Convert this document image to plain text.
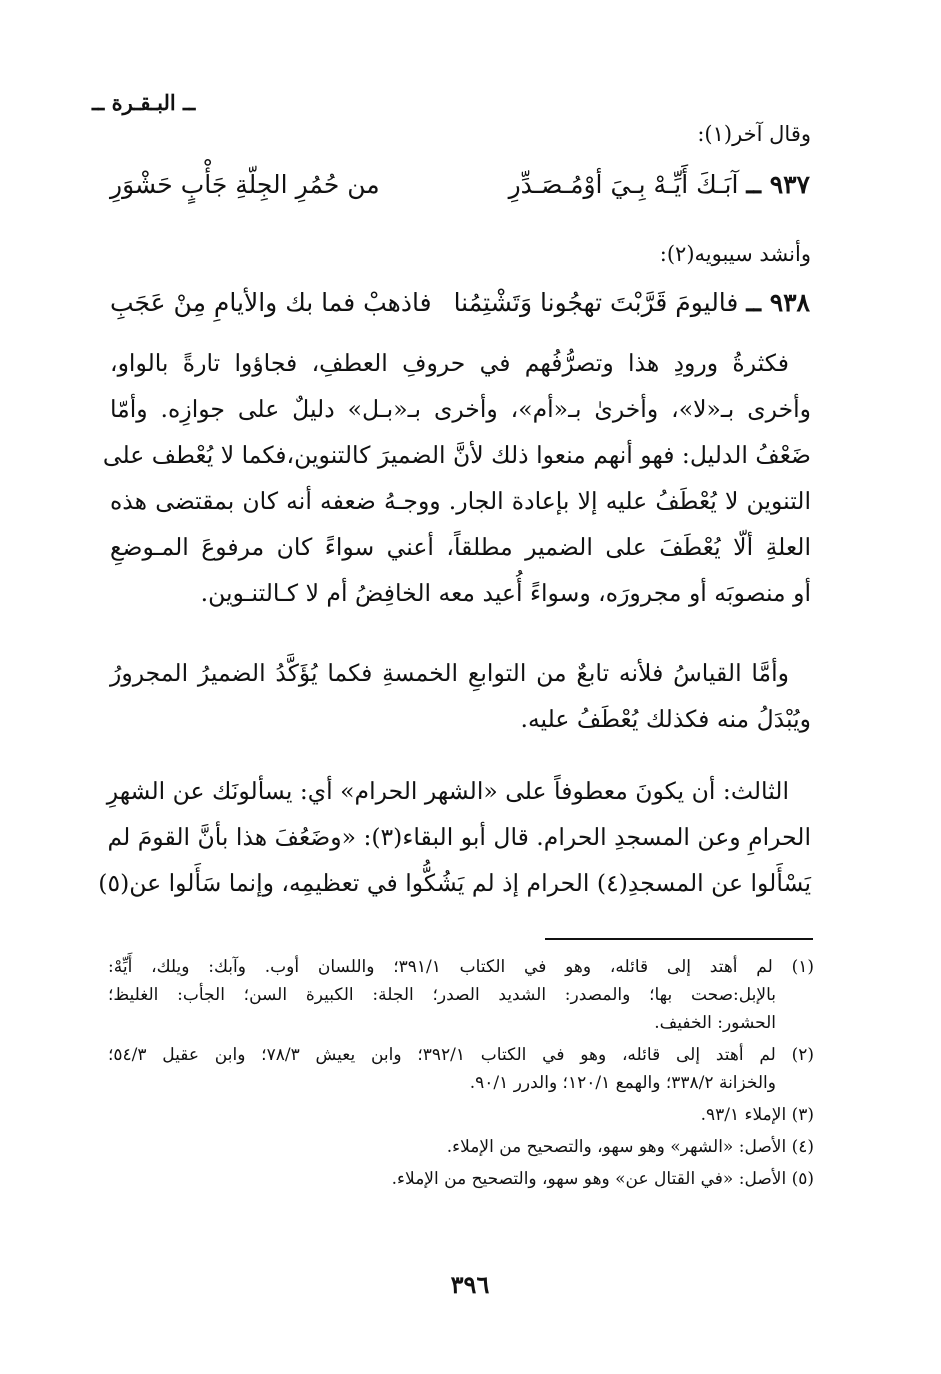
ــ البـقـرة ــ
وقال آخر(١):
٩٣٧ ــ آبَـكَ أَيِّـهْ بِـيَ أوْمُـصَـدِّرِ
من حُمُرِ الجِلّةِ جَأْبٍ حَشْوَرِ
وأنشد سيبويه(٢):
٩٣٨ ــ فاليومَ قَرَّبْتَ تهجُونا وَتَشْتِمُنا
فاذهبْ فما بك والأيامِ مِنْ عَجَبِ
فكثرةُ ورودِ هذا وتصرُّفُهم في حروفِ العطفِ، فجاؤوا تارةً بالواو،
وأخرى بـ«لا»، وأخرىٰ بـ«أم»، وأخرى بـ«بـل» دليلٌ على جوازِه. وأمّا
ضَعْفُ الدليل: فهو أنهم منعوا ذلك لأنَّ الضميرَ كالتنوين،فكما لا يُعْطف على
التنوين لا يُعْطَفُ عليه إلا بإعادة الجار. ووجـهُ ضعفه أنه كان بمقتضى هذه
العلةِ ألّا يُعْطَفَ على الضمير مطلقاً، أعني سواءً كان مرفوعَ المـوضعِ
أو منصوبَه أو مجرورَه، وسواءً أُعيد معه الخافِضُ أم لا كـالتنـوين.
وأمَّا القياسُ فلأنه تابعٌ من التوابعِ الخمسةِ فكما يُؤَكَّدُ الضميرُ المجرورُ
ويُبْدَلُ منه فكذلك يُعْطَفُ عليه.
الثالث: أن يكونَ معطوفاً على «الشهر الحرام» أي: يسألونَك عن الشهرِ
الحرامِ وعن المسجدِ الحرام. قال أبو البقاء(٣): «وضَعُفَ هذا بأنَّ القومَ لم
يَسْأَلوا عن المسجدِ(٤) الحرام إذ لم يَشُكُّوا في تعظيمِه، وإنما سَأَلوا عن(٥)
(١) لم أهتد إلى قائله، وهو في الكتاب ٣٩١/١؛ واللسان أوب. وآبك: ويلك، أَيِّهْ:
بالإبل:صحت بها؛ والمصدر: الشديد الصدر؛ الجلة: الكبيرة السن؛ الجأب: الغليظ؛
الحشور: الخفيف.
(٢) لم أهتد إلى قائله، وهو في الكتاب ٣٩٢/١؛ وابن يعيش ٧٨/٣؛ وابن عقيل ٥٤/٣؛
والخزانة ٣٣٨/٢؛ والهمع ١٢٠/١؛ والدرر ٩٠/١.
(٣) الإملاء ٩٣/١.
(٤) الأصل: «الشهر» وهو سهو، والتصحيح من الإملاء.
(٥) الأصل: «في القتال عن» وهو سهو، والتصحيح من الإملاء.
٣٩٦
